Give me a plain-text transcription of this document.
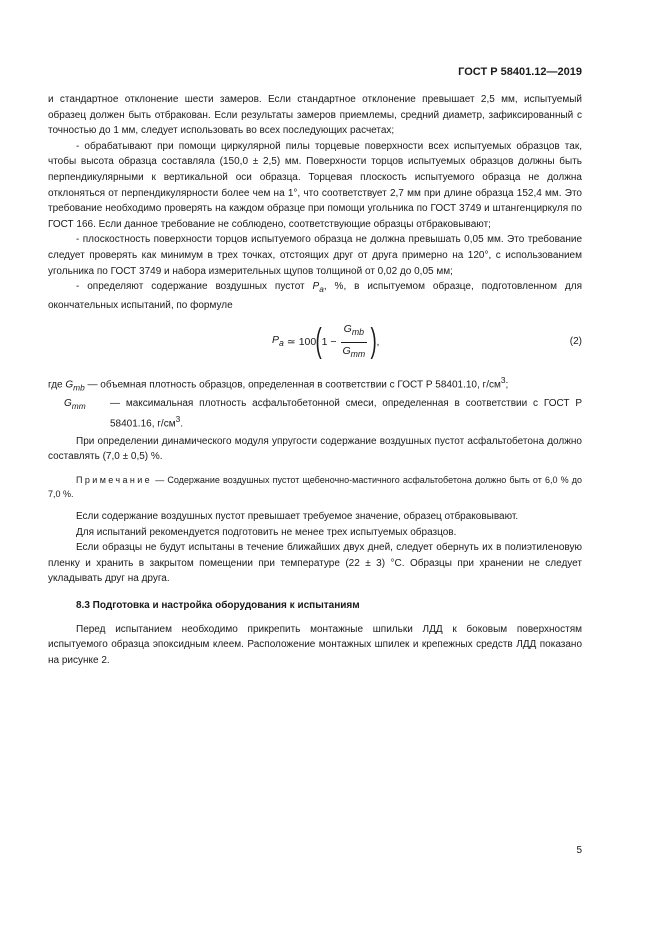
ГОСТ Р 58401.12—2019

и стандартное отклонение шести замеров. Если стандартное отклонение превышает 2,5 мм, испытуемый образец должен быть отбракован. Если результаты замеров приемлемы, средний диаметр, зафиксированный с точностью до 1 мм, следует использовать во всех последующих расчетах;

- обрабатывают при помощи циркулярной пилы торцевые поверхности всех испытуемых образцов так, чтобы высота образца составляла (150,0 ± 2,5) мм. Поверхности торцов испытуемых образцов должны быть перпендикулярными к вертикальной оси образца. Торцевая плоскость испытуемого образца не должна отклоняться от перпендикулярности более чем на 1°, что соответствует 2,7 мм при длине образца 152,4 мм. Это требование необходимо проверять на каждом образце при помощи угольника по ГОСТ 3749 и штангенциркуля по ГОСТ 166. Если данное требование не соблюдено, соответствующие образцы отбраковывают;

- плоскостность поверхности торцов испытуемого образца не должна превышать 0,05 мм. Это требование следует проверять как минимум в трех точках, отстоящих друг от друга примерно на 120°, с использованием угольника по ГОСТ 3749 и набора измерительных щупов толщиной от 0,02 до 0,05 мм;

- определяют содержание воздушных пустот $P_a$, %, в испытуемом образце, подготовленном для окончательных испытаний, по формуле

$P_a$ ≃ 100 ( $1 - \frac{G_{mb}}{G_{mm}}$ ) ,	(2)

где $G_{mb}$ — объемная плотность образцов, определенная в соответствии с ГОСТ Р 58401.10, $г/см^3$;

$G_{mm}$	— максимальная плотность асфальтобетонной смеси, определенная в соответствии с ГОСТ Р 58401.16, $г/см^3$.

При определении динамического модуля упругости содержание воздушных пустот асфальтобетона должно составлять (7,0 ± 0,5) %.

Примечание — Содержание воздушных пустот щебеночно-мастичного асфальтобетона должно быть от 6,0 % до 7,0 %.

Если содержание воздушных пустот превышает требуемое значение, образец отбраковывают.

Для испытаний рекомендуется подготовить не менее трех испытуемых образцов.

Если образцы не будут испытаны в течение ближайших двух дней, следует обернуть их в полиэтиленовую пленку и хранить в закрытом помещении при температуре (22 ± 3) °С. Образцы при хранении не следует укладывать друг на друга.

8.3 Подготовка и настройка оборудования к испытаниям

Перед испытанием необходимо прикрепить монтажные шпильки ЛДД к боковым поверхностям испытуемого образца эпоксидным клеем. Расположение монтажных шпилек и крепежных средств ЛДД показано на рисунке 2.

5
